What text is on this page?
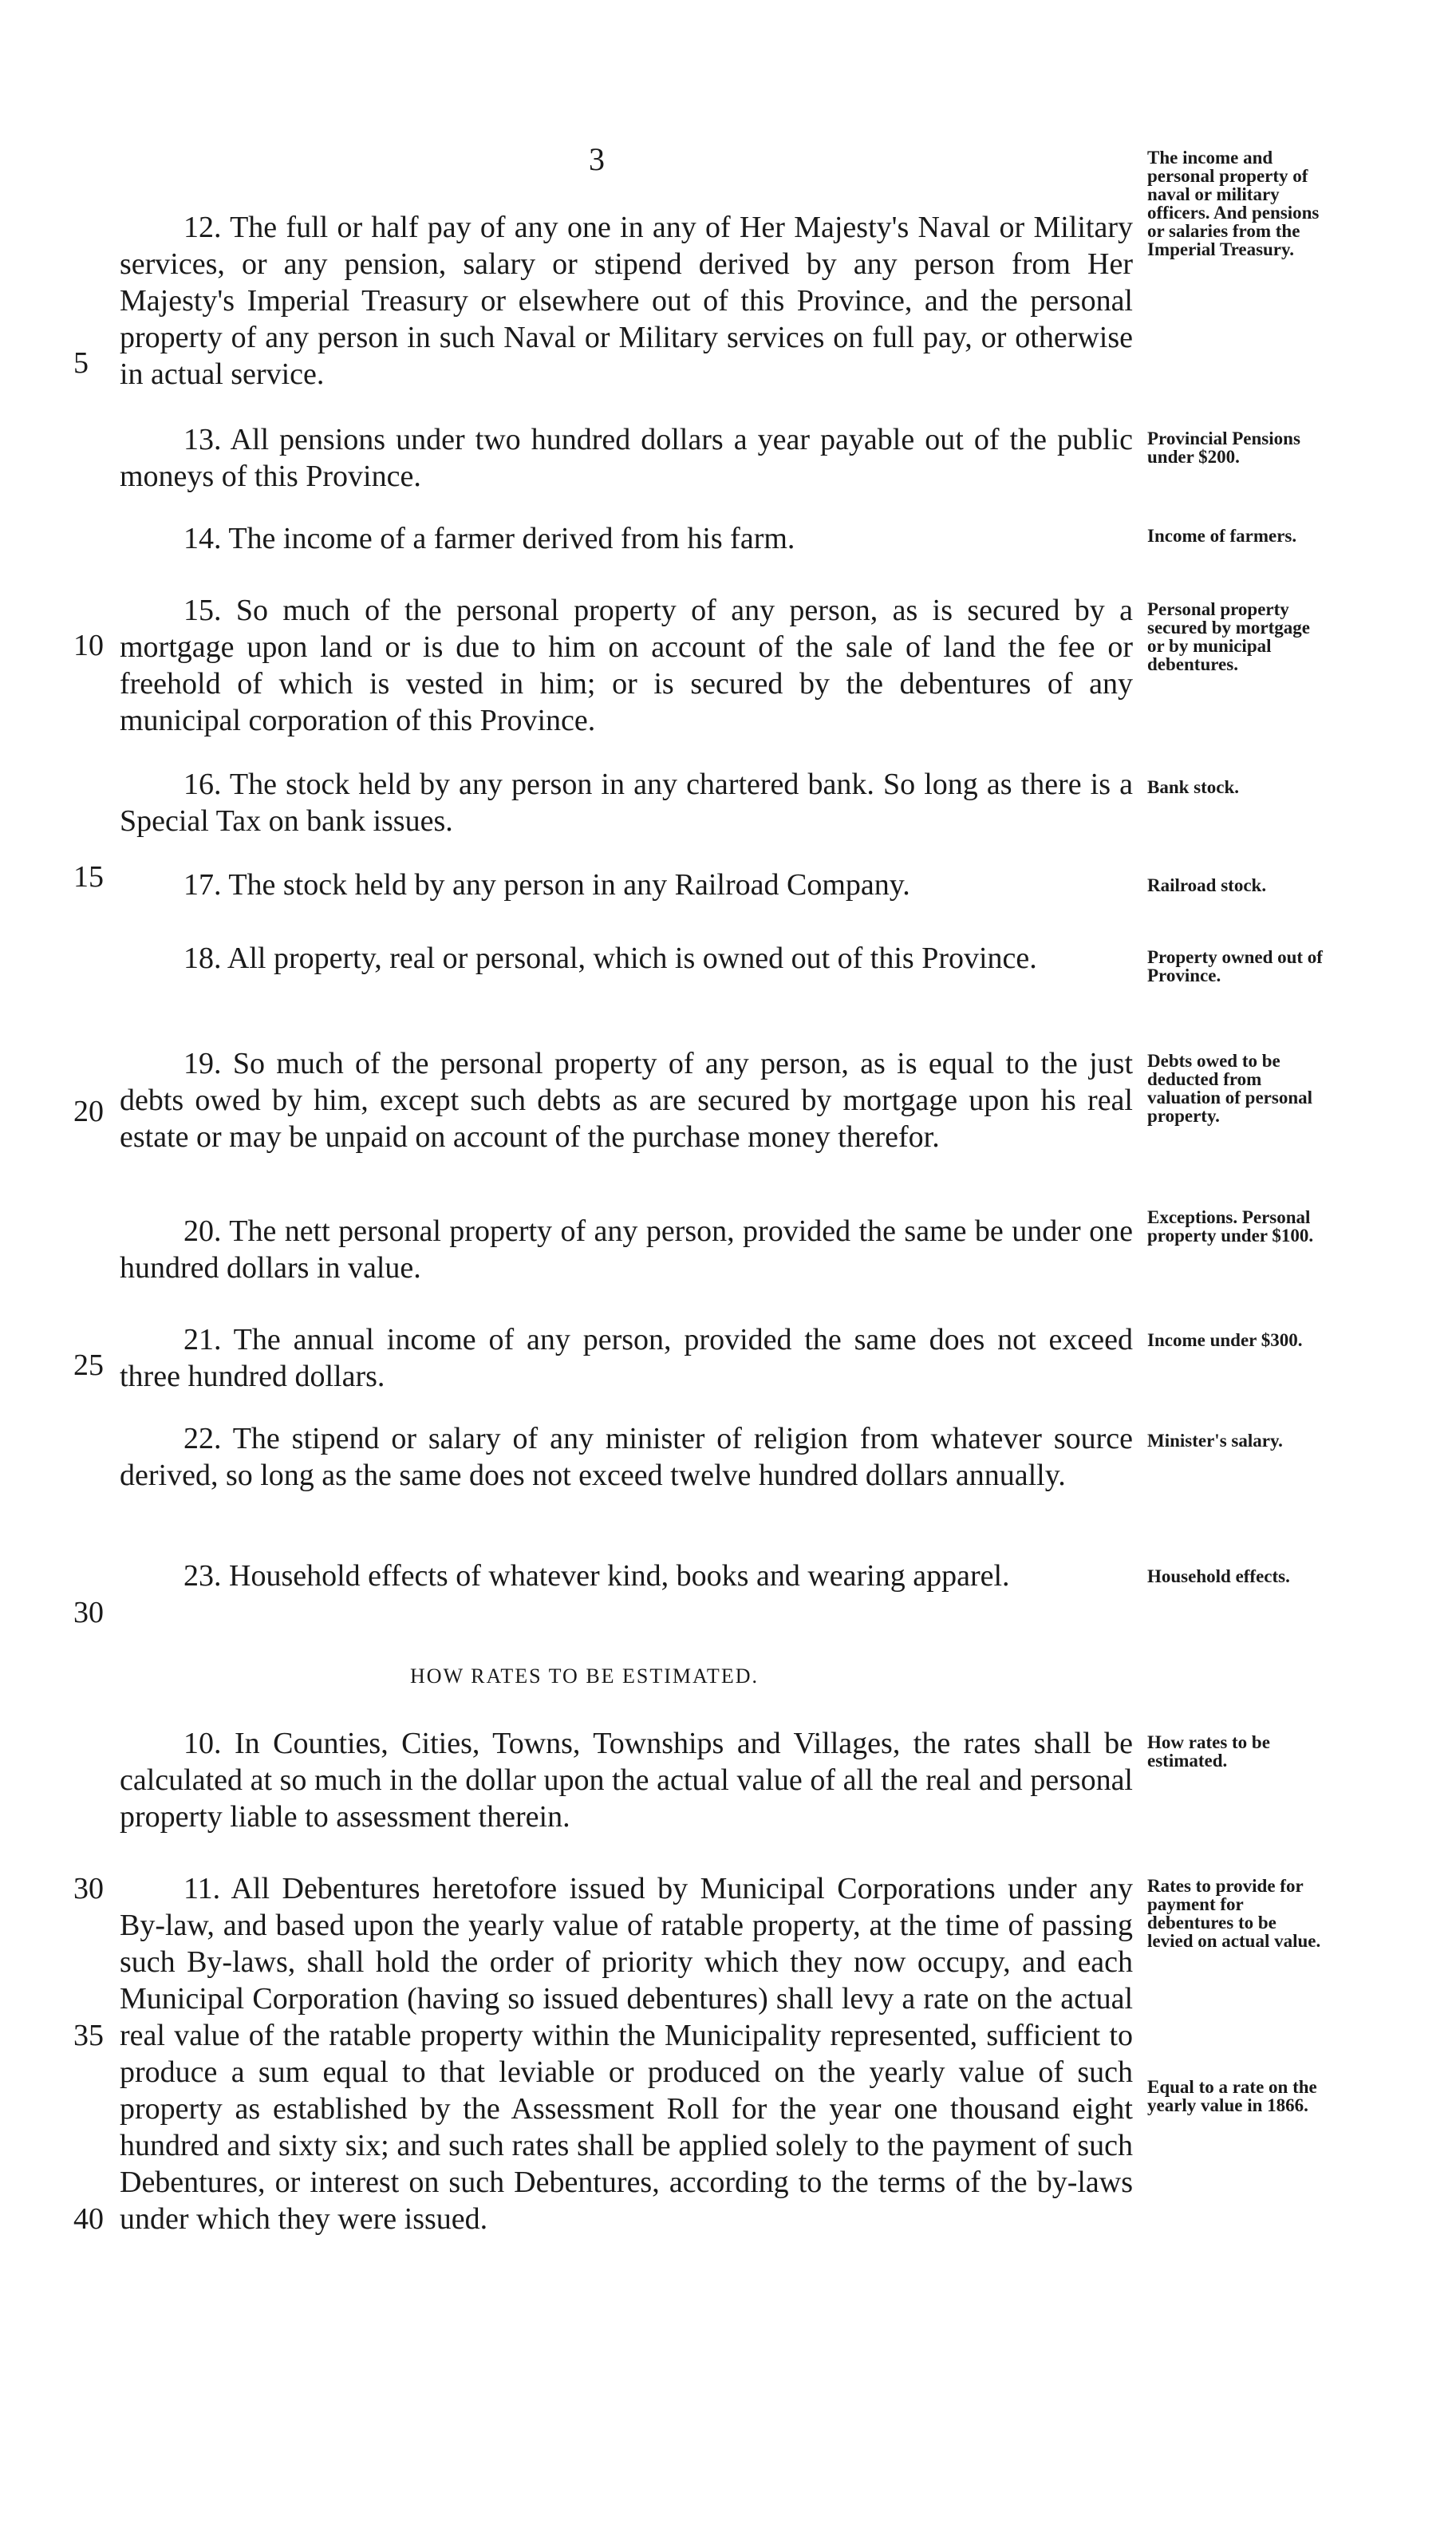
3

12. The full or half pay of any one in any of Her Majesty's Naval or Military services, or any pension, salary or stipend derived by any person from Her Majesty's Imperial Treasury or elsewhere out of this Province, and the personal property of any person in such Naval or Military services on full pay, or otherwise in actual service.

The income and personal property of naval or military officers. And pensions or salaries from the Imperial Treasury.

5

13. All pensions under two hundred dollars a year payable out of the public moneys of this Province.

Provincial Pensions under $200.

14. The income of a farmer derived from his farm.	Income of farmers.

15. So much of the personal property of any person, as is secured by a mortgage upon land or is due to him on account of the sale of land the fee or freehold of which is vested in him; or is secured by the debentures of any municipal corporation of this Province.

Personal property secured by mortgage or by municipal debentures.

10

16. The stock held by any person in any chartered bank. So long as there is a Special Tax on bank issues.

Bank stock.

15	17. The stock held by any person in any Railroad Company.	Railroad stock.

18. All property, real or personal, which is owned out of this Province.	Property owned out of Province.

19. So much of the personal property of any person, as is equal to the just debts owed by him, except such debts as are secured by mortgage upon his real estate or may be unpaid on account of the purchase money therefor.

Debts owed to be deducted from valuation of personal property.

20

20. The nett personal property of any person, provided the same be under one hundred dollars in value.

Exceptions. Personal property under $100.

25

21. The annual income of any person, provided the same does not exceed three hundred dollars.

Income under $300.

22. The stipend or salary of any minister of religion from whatever source derived, so long as the same does not exceed twelve hundred dollars annually.

Minister's salary.

23. Household effects of whatever kind, books and wearing apparel.	Household effects.

30
HOW RATES TO BE ESTIMATED.

10. In Counties, Cities, Towns, Townships and Villages, the rates shall be calculated at so much in the dollar upon the actual value of all the real and personal property liable to assessment therein.

How rates to be estimated.

30	11. All Debentures heretofore issued by Municipal Corporations under any By-law, and based upon the yearly value of ratable property, at the time of passing such By-laws, shall hold the order of priority which they now occupy, and each Municipal Corporation (having so issued debentures) shall levy a rate on the actual real value of the ratable property within the Municipality represented, sufficient to produce a sum equal to that leviable or produced on the yearly value of such property as established by the Assessment Roll for the year one thousand eight hundred and sixty six; and such rates shall be applied solely to the payment of such Debentures, or interest on such Debentures, according to the terms of the by-laws under which they were issued.

Rates to provide for payment for debentures to be levied on actual value.

Equal to a rate on the yearly value in 1866.

35
40
